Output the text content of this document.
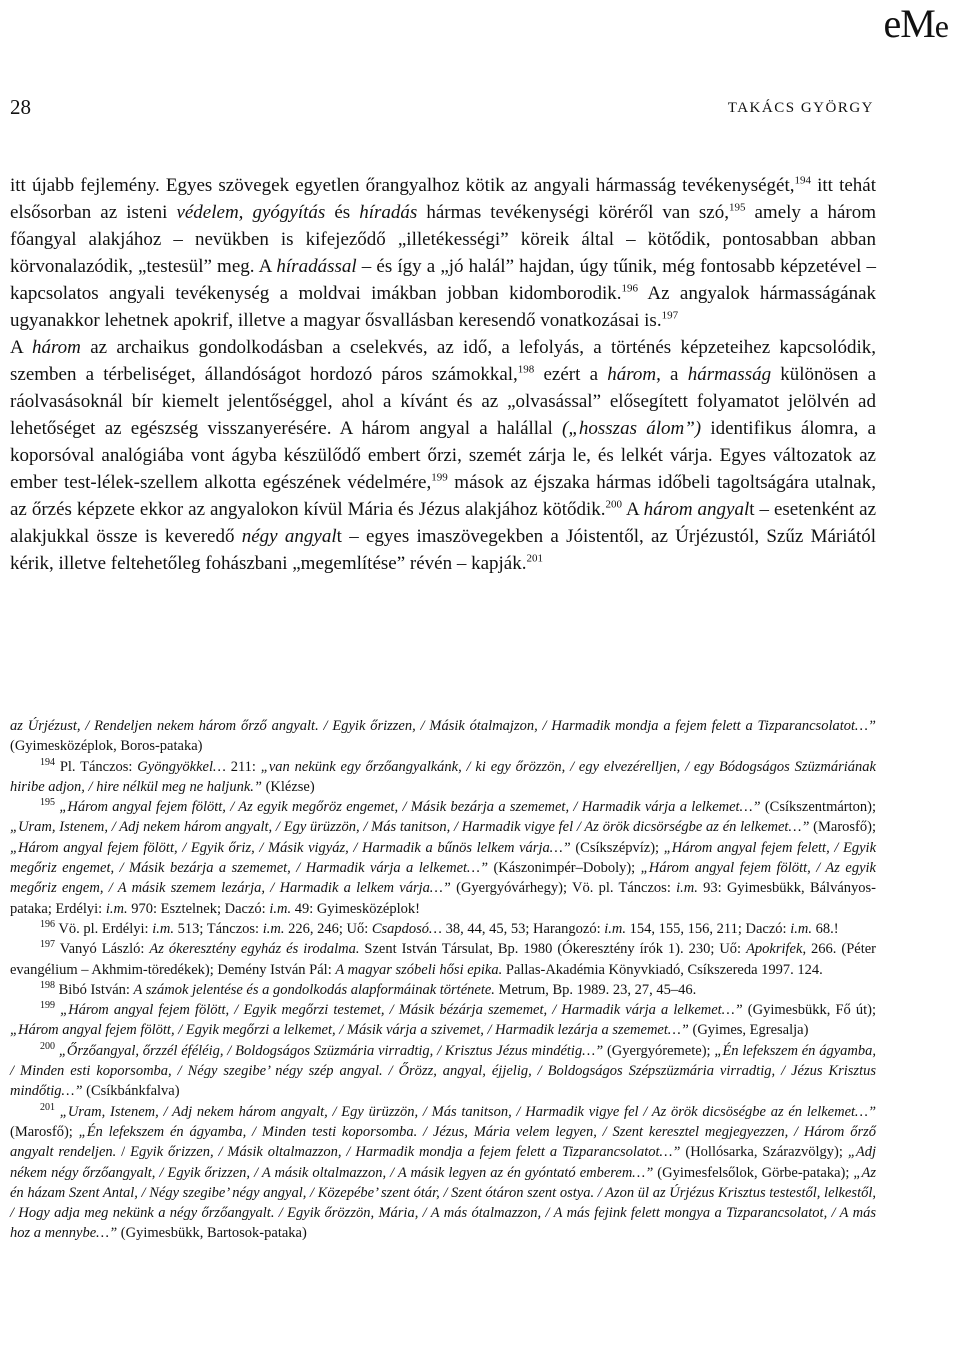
eMe
28	TAKÁCS GYÖRGY

itt újabb fejlemény. Egyes szövegek egyetlen őrangyalhoz kötik az angyali hármasság tevékenységét,$^{194}$ itt tehát elsősorban az isteni védelem, gyógyítás és híradás hármas tevékenységi köréről van szó,$^{195}$ amely a három főangyal alakjához – nevükben is kifejeződő „illetékességi” köreik által – kötődik, pontosabban abban körvonalazódik, „testesül” meg. A híradással – és így a „jó halál” hajdan, úgy tűnik, még fontosabb képzetével – kapcsolatos angyali tevékenység a moldvai imákban jobban kidomborodik.$^{196}$ Az angyalok hármasságának ugyanakkor lehetnek apokrif, illetve a magyar ősvallásban keresendő vonatkozásai is.$^{197}$

A három az archaikus gondolkodásban a cselekvés, az idő, a lefolyás, a történés képzeteihez kapcsolódik, szemben a térbeliséget, állandóságot hordozó páros számokkal,$^{198}$ ezért a három, a hármasság különösen a ráolvasásoknál bír kiemelt jelentőséggel, ahol a kívánt és az „olvasással” elősegített folyamatot jelölvén ad lehetőséget az egészség visszanyerésére. A három angyal a halállal („hosszas álom”) identifikus álomra, a koporsóval analógiába vont ágyba készülődő embert őrzi, szemét zárja le, és lelkét várja. Egyes változatok az ember test-lélek-szellem alkotta egészének védelmére,$^{199}$ mások az éjszaka hármas időbeli tagoltságára utalnak, az őrzés képzete ekkor az angyalokon kívül Mária és Jézus alakjához kötődik.$^{200}$ A három angyalt – esetenként az alakjukkal össze is keveredő négy angyalt – egyes imaszövegekben a Jóistentől, az Úrjézustól, Szűz Máriától kérik, illetve feltehetőleg fohászbani „megemlítése” révén – kapják.$^{201}$

az Úrjézust, / Rendeljen nekem három őrző angyalt. / Egyik őrizzen, / Másik ótalmajzon, / Harmadik mondja a fejem felett a Tizparancsolatot…” (Gyimesközéplok, Boros-pataka)

$^{194}$ Pl. Tánczos: Gyöngyökkel… 211: „van nekünk egy őrzőangyalkánk, / ki egy őrözzön, / egy elvezérelljen, / egy Bódogságos Szüzmáriának hiribe adjon, / hire nélkül meg ne haljunk.” (Klézse)

$^{195}$ „Három angyal fejem fölött, / Az egyik megőröz engemet, / Másik bezárja a szememet, / Harmadik várja a lelkemet…” (Csíkszentmárton); „Uram, Istenem, / Adj nekem három angyalt, / Egy ürüzzön, / Más tanitson, / Harmadik vigye fel / Az örök dicsörségbe az én lelkemet…” (Marosfő); „Három angyal fejem fölött, / Egyik őriz, / Másik vigyáz, / Harmadik a bűnös lelkem várja…” (Csíkszépvíz); „Három angyal fejem felett, / Egyik megőriz engemet, / Másik bezárja a szememet, / Harmadik várja a lelkemet…” (Kászonimpér–Doboly); „Három angyal fejem fölött, / Az egyik megőriz engem, / A másik szemem lezárja, / Harmadik a lelkem várja…” (Gyergyóvárhegy); Vö. pl. Tánczos: i.m. 93: Gyimesbükk, Bálványos-pataka; Erdélyi: i.m. 970: Esztelnek; Daczó: i.m. 49: Gyimesközéplok!

$^{196}$ Vö. pl. Erdélyi: i.m. 513; Tánczos: i.m. 226, 246; Uő: Csapdosó… 38, 44, 45, 53; Harangozó: i.m. 154, 155, 156, 211; Daczó: i.m. 68.!

$^{197}$ Vanyó László: Az ókeresztény egyház és irodalma. Szent István Társulat, Bp. 1980 (Ókeresztény írók 1). 230; Uő: Apokrifek, 266. (Péter evangélium – Akhmim-töredékek); Demény István Pál: A magyar szóbeli hősi epika. Pallas-Akadémia Könyvkiadó, Csíkszereda 1997. 124.

$^{198}$ Bibó István: A számok jelentése és a gondolkodás alapformáinak története. Metrum, Bp. 1989. 23, 27, 45–46.

$^{199}$ „Három angyal fejem fölött, / Egyik megőrzi testemet, / Másik bézárja szememet, / Harmadik várja a lelkemet…” (Gyimesbükk, Fő út); „Három angyal fejem fölött, / Egyik megőrzi a lelkemet, / Másik várja a szivemet, / Harmadik lezárja a szememet…” (Gyimes, Egresalja)

$^{200}$ „Őrzőangyal, őrzzél éféléig, / Boldogságos Szüzmária virradtig, / Krisztus Jézus mindétig…” (Gyergyóremete); „Én lefekszem én ágyamba, / Minden esti koporsomba, / Négy szegibe’ négy szép angyal. / Őrözz, angyal, éjjelig, / Boldogságos Szépszüzmária virradtig, / Jézus Krisztus mindőtig…” (Csíkbánkfalva)

$^{201}$ „Uram, Istenem, / Adj nekem három angyalt, / Egy ürüzzön, / Más tanitson, / Harmadik vigye fel / Az örök dicsöségbe az én lelkemet…” (Marosfő); „Én lefekszem én ágyamba, / Minden testi koporsomba. / Jézus, Mária velem legyen, / Szent keresztel megjegyezzen, / Három őrző angyalt rendeljen. / Egyik őrizzen, / Másik oltalmazzon, / Harmadik mondja a fejem felett a Tizparancsolatot…” (Hollósarka, Szárazvölgy); „Adj nékem négy őrzőangyalt, / Egyik őrizzen, / A másik oltalmazzon, / A másik legyen az én gyóntató emberem…” (Gyimesfelsőlok, Görbe-pataka); „Az én házam Szent Antal, / Négy szegibe’ négy angyal, / Közepébe’ szent ótár, / Szent ótáron szent ostya. / Azon ül az Úrjézus Krisztus testestől, lelkestől, / Hogy adja meg nekünk a négy őrzőangyalt. / Egyik őrözzön, Mária, / A más ótalmazzon, / A más fejink felett mongya a Tizparancsolatot, / A más hoz a mennybe…” (Gyimesbükk, Bartosok-pataka)
